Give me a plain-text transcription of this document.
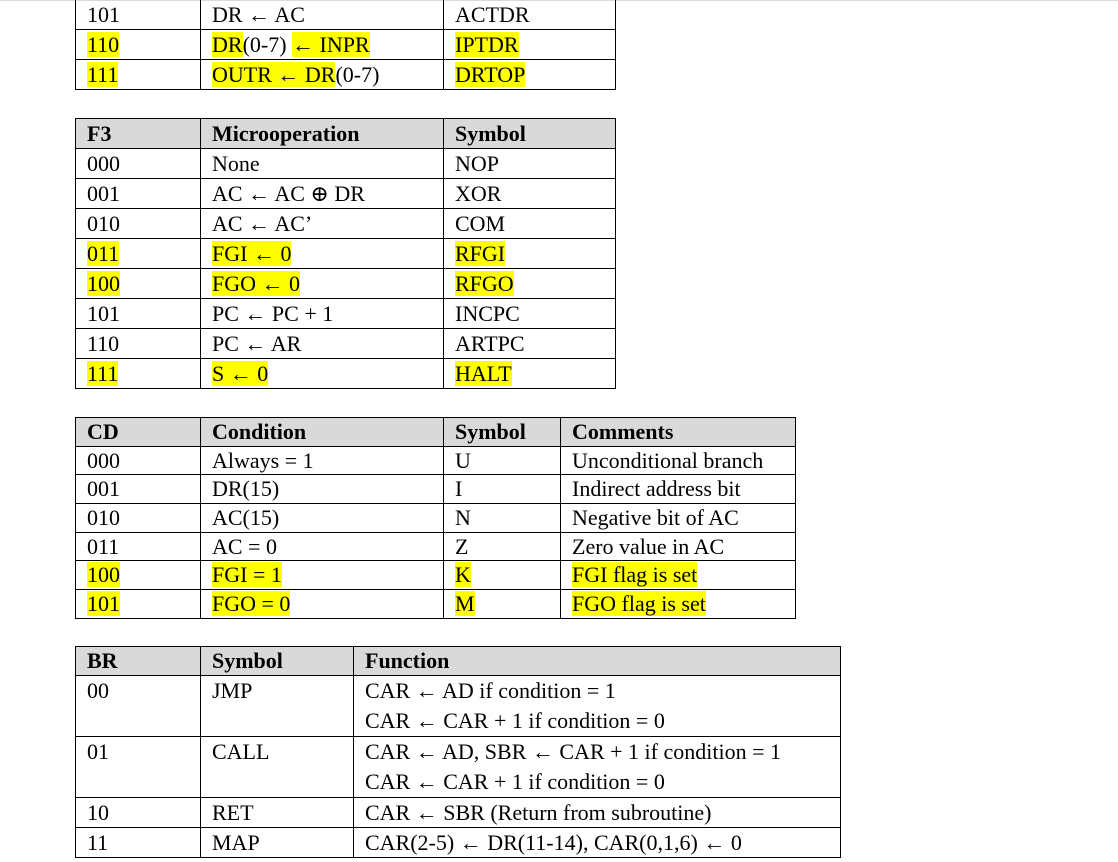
101	DR ← AC	ACTDR
110	DR(0-7) ← INPR	IPTDR
111	OUTR ← DR(0-7)	DRTOP
F3	Microoperation	Symbol
000	None	NOP
001	AC ← AC ⊕ DR	XOR
010	AC ← AC’	COM
011	FGI ← 0	RFGI
100	FGO ← 0	RFGO
101	PC ← PC + 1	INCPC
110	PC ← AR	ARTPC
111	S ← 0	HALT
CD	Condition	Symbol	Comments
000	Always = 1	U	Unconditional branch
001	DR(15)	I	Indirect address bit
010	AC(15)	N	Negative bit of AC
011	AC = 0	Z	Zero value in AC
100	FGI = 1	K	FGI flag is set
101	FGO = 0	M	FGO flag is set
BR	Symbol	Function
00	JMP	CAR ← AD if condition = 1
CAR ← CAR + 1 if condition = 0

01	CALL	CAR ← AD, SBR ← CAR + 1 if condition = 1
CAR ← CAR + 1 if condition = 0

10	RET	CAR ← SBR (Return from subroutine)
11	MAP	CAR(2-5) ← DR(11-14), CAR(0,1,6) ← 0
